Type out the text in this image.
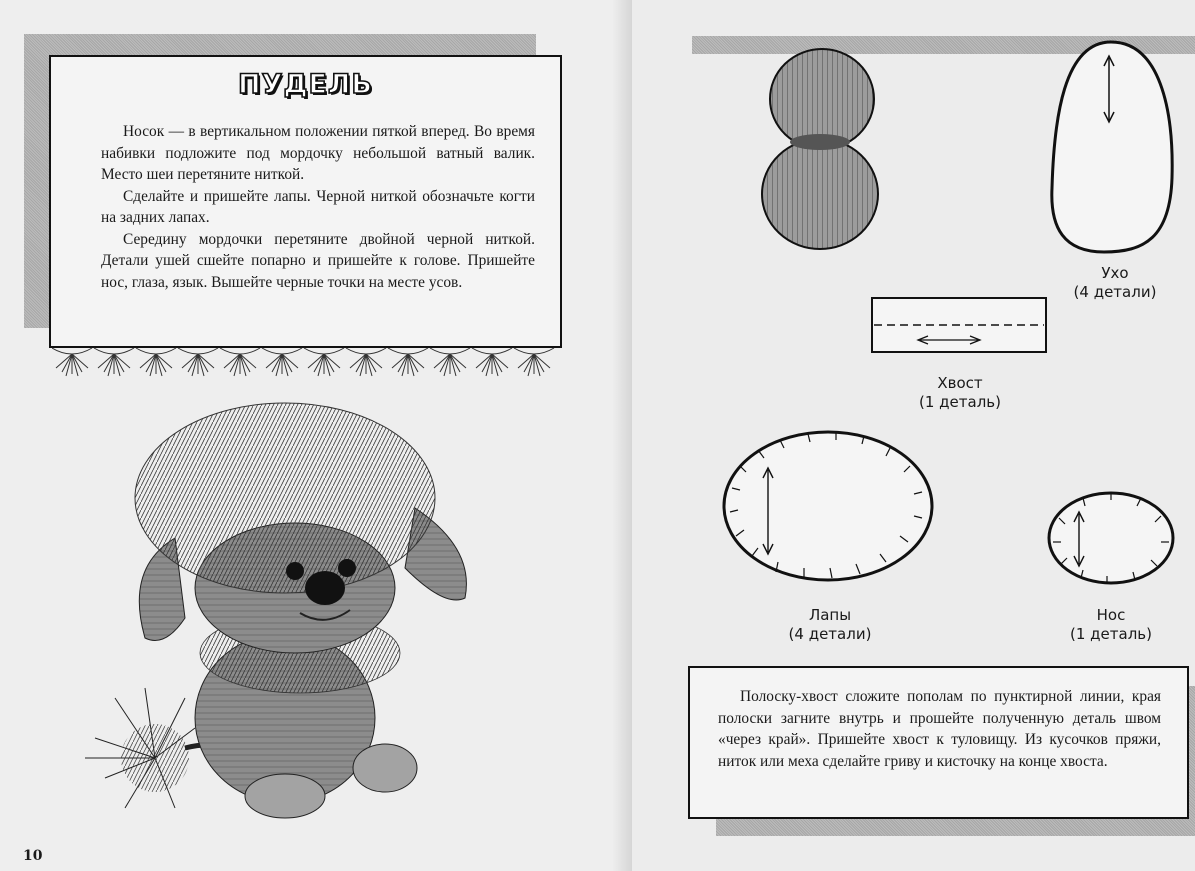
ПУДЕЛЬ

Носок — в вертикальном положении пяткой вперед. Во время набивки подложите под мордочку небольшой ватный валик. Место шеи перетяните ниткой.

Сделайте и пришейте лапы. Черной ниткой обозначьте когти на задних лапах.

Середину мордочки перетяните двойной черной ниткой. Детали ушей сшейте попарно и пришейте к голове. Пришейте нос, глаза, язык. Вышейте черные точки на месте усов.

10
Ухо
(4 детали)
Хвост
(1 деталь)
Лапы
(4 детали)
Нос
(1 деталь)

Полоску-хвост сложите пополам по пунктирной линии, края полоски загните внутрь и прошейте полученную деталь швом «через край». Пришейте хвост к туловищу. Из кусочков пряжи, ниток или меха сделайте гриву и кисточку на конце хвоста.
